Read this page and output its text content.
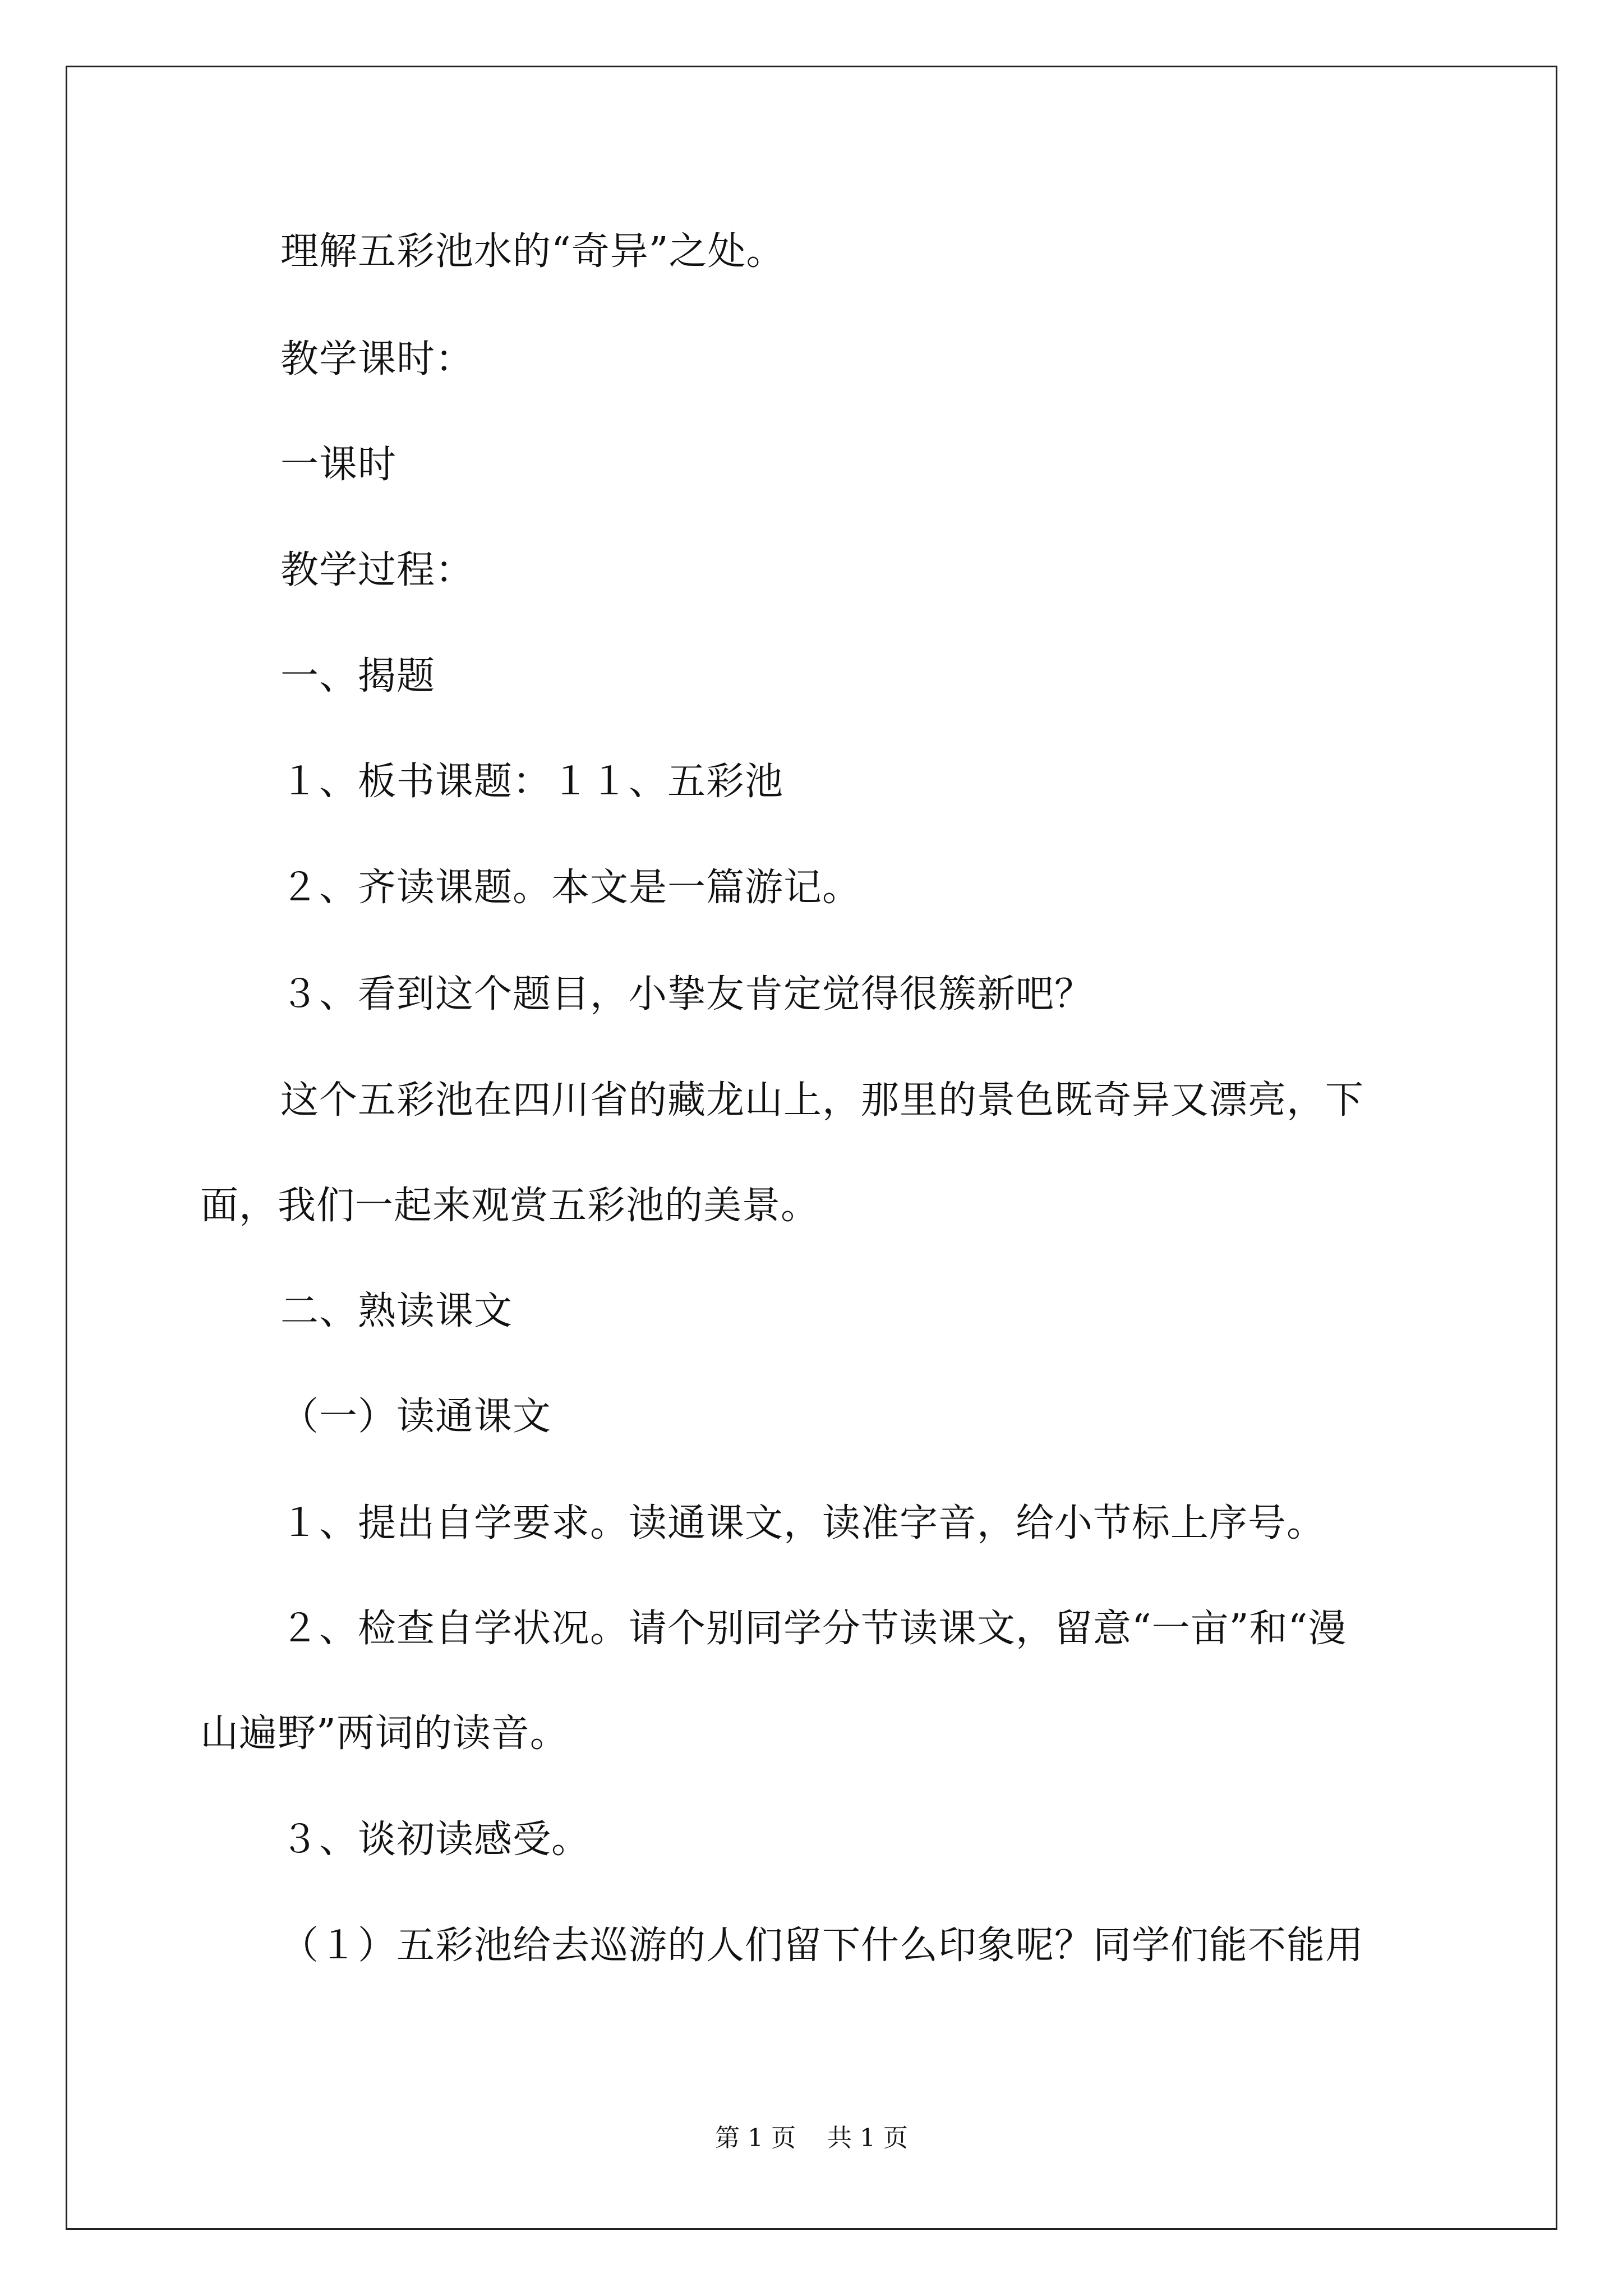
理解五彩池水的“奇异”之处。

教学课时：

一课时

教学过程：

一、揭题

１、板书课题：１１、五彩池

２、齐读课题。本文是一篇游记。

３、看到这个题目，小挚友肯定觉得很簇新吧？

这个五彩池在四川省的藏龙山上，那里的景色既奇异又漂亮，下

面，我们一起来观赏五彩池的美景。

二、熟读课文

（一）读通课文

１、提出自学要求。读通课文，读准字音，给小节标上序号。

２、检查自学状况。请个别同学分节读课文，留意“一亩”和“漫

山遍野”两词的读音。

３、谈初读感受。

（１）五彩池给去巡游的人们留下什么印象呢？同学们能不能用

第 1 页    共 1 页
